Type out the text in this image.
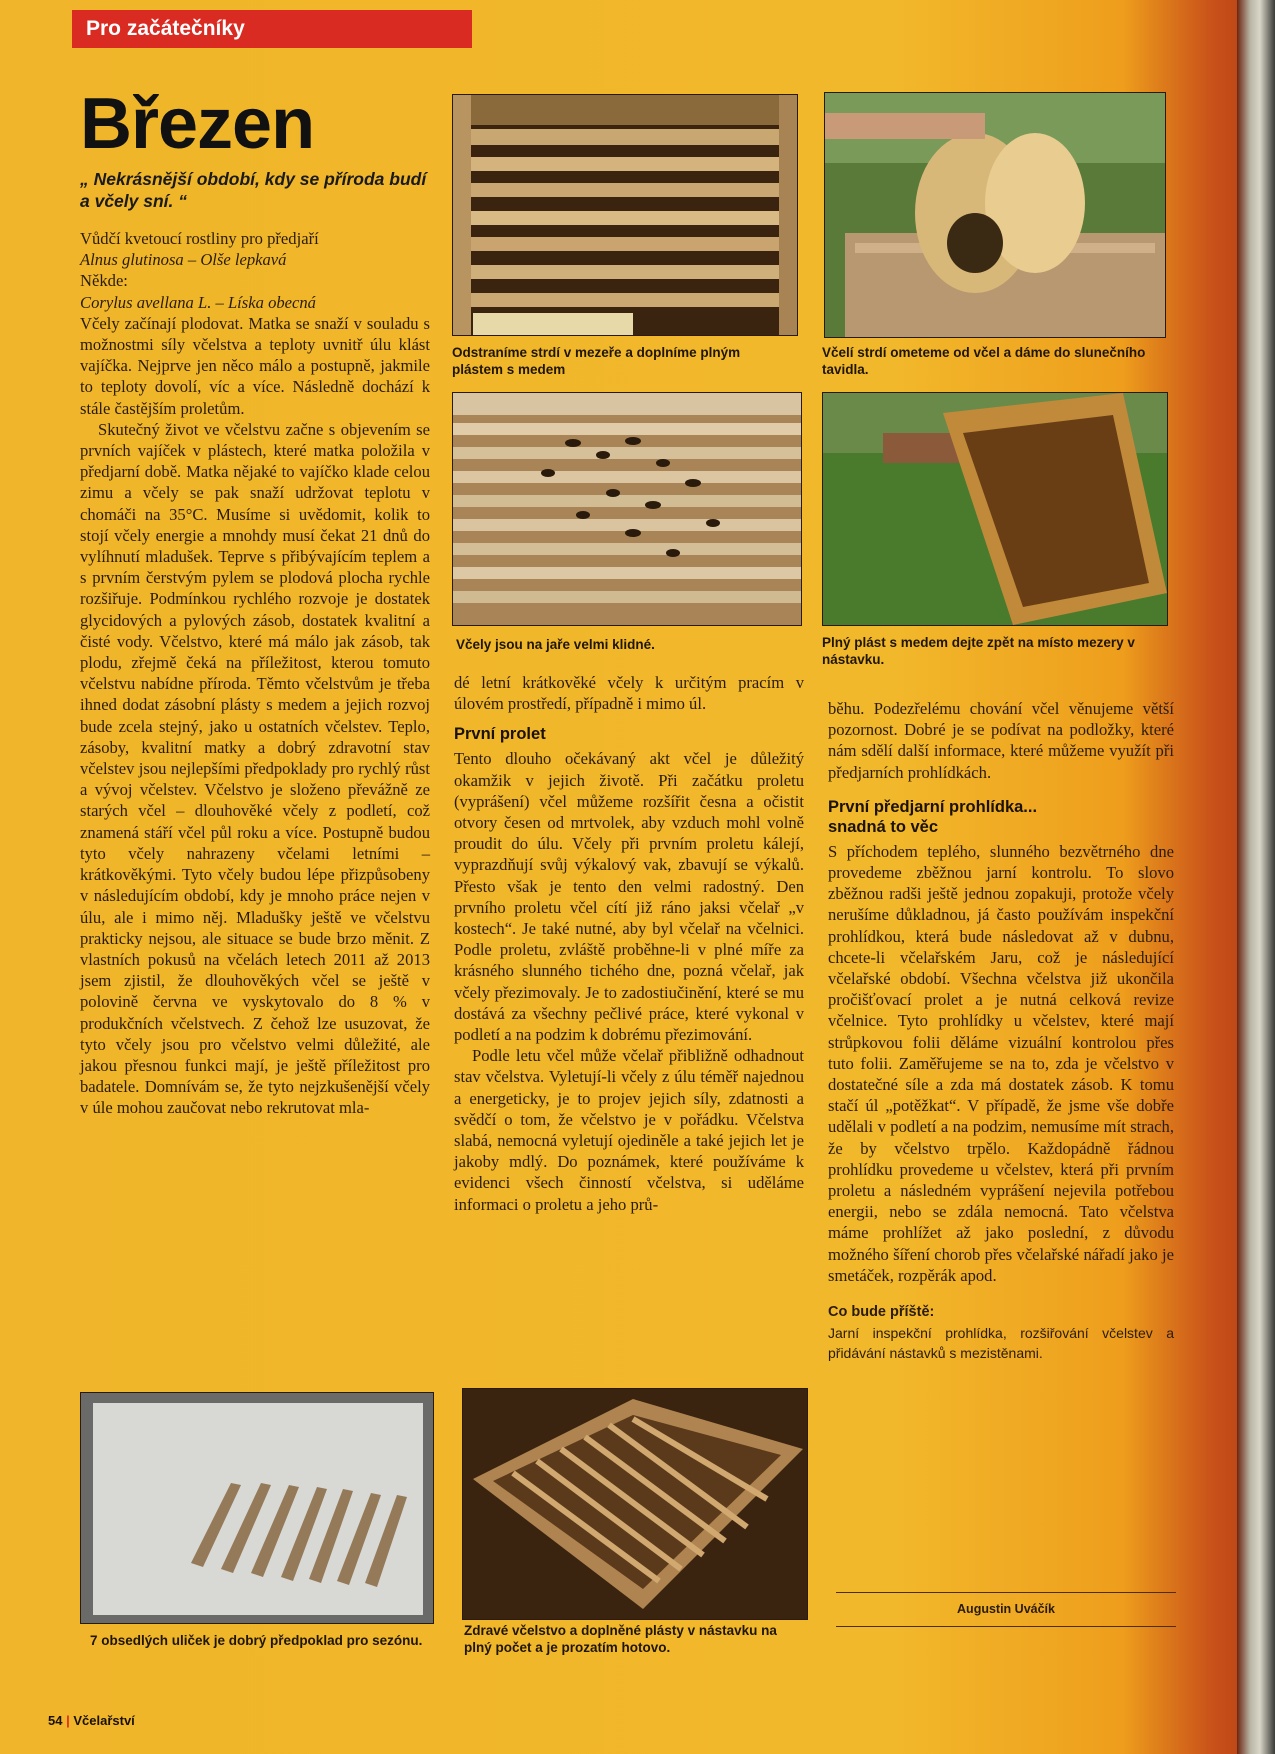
Pro začátečníky
Březen
„ Nekrásnější období, kdy se příroda budí a včely sní. “

Vůdčí kvetoucí rostliny pro předjaří

Alnus glutinosa – Olše lepkavá

Někde:

Corylus avellana L. – Líska obecná

Včely začínají plodovat. Matka se snaží v souladu s možnostmi síly včelstva a teploty uvnitř úlu klást vajíčka. Nejprve jen něco málo a postupně, jakmile to teploty dovolí, víc a více. Následně dochází k stále častějším proletům.

Skutečný život ve včelstvu začne s objevením se prvních vajíček v plástech, které matka položila v předjarní době. Matka nějaké to vajíčko klade celou zimu a včely se pak snaží udržovat teplotu v chomáči na 35°C. Musíme si uvědomit, kolik to stojí včely energie a mnohdy musí čekat 21 dnů do vylíhnutí mladušek. Teprve s přibývajícím teplem a s prvním čerstvým pylem se plodová plocha rychle rozšiřuje. Podmínkou rychlého rozvoje je dostatek glycidových a pylových zásob, dostatek kvalitní a čisté vody. Včelstvo, které má málo jak zásob, tak plodu, zřejmě čeká na příležitost, kterou tomuto včelstvu nabídne příroda. Těmto včelstvům je třeba ihned dodat zásobní plásty s medem a jejich rozvoj bude zcela stejný, jako u ostatních včelstev. Teplo, zásoby, kvalitní matky a dobrý zdravotní stav včelstev jsou nejlepšími předpoklady pro rychlý růst a vývoj včelstev. Včelstvo je složeno převážně ze starých včel – dlouhověké včely z podletí, což znamená stáří včel půl roku a více. Postupně budou tyto včely nahrazeny včelami letními – krátkověkými. Tyto včely budou lépe přizpůsobeny v následujícím období, kdy je mnoho práce nejen v úlu, ale i mimo něj. Mladušky ještě ve včelstvu prakticky nejsou, ale situace se bude brzo měnit. Z vlastních pokusů na včelách letech 2011 až 2013 jsem zjistil, že dlouhověkých včel se ještě v polovině června ve vyskytovalo do 8 % v produkčních včelstvech. Z čehož lze usuzovat, že tyto včely jsou pro včelstvo velmi důležité, ale jakou přesnou funkci mají, je ještě příležitost pro badatele. Domnívám se, že tyto nejzkušenější včely v úle mohou zaučovat nebo rekrutovat mla-

dé letní krátkověké včely k určitým pracím v úlovém prostředí, případně i mimo úl.

První prolet

Tento dlouho očekávaný akt včel je důležitý okamžik v jejich životě. Při začátku proletu (vyprášení) včel můžeme rozšířit česna a očistit otvory česen od mrtvolek, aby vzduch mohl volně proudit do úlu. Včely při prvním proletu kálejí, vyprazdňují svůj výkalový vak, zbavují se výkalů. Přesto však je tento den velmi radostný. Den prvního proletu včel cítí již ráno jaksi včelař „v kostech“. Je také nutné, aby byl včelař na včelnici. Podle proletu, zvláště proběhne-li v plné míře za krásného slunného tichého dne, pozná včelař, jak včely přezimovaly. Je to zadostiučinění, které se mu dostává za všechny pečlivé práce, které vykonal v podletí a na podzim k dobrému přezimování.

Podle letu včel může včelař přibližně odhadnout stav včelstva. Vyletují-li včely z úlu téměř najednou a energeticky, je to projev jejich síly, zdatnosti a svědčí o tom, že včelstvo je v pořádku. Včelstva slabá, nemocná vyletují ojediněle a také jejich let je jakoby mdlý. Do poznámek, které používáme k evidenci všech činností včelstva, si uděláme informaci o proletu a jeho prů-

běhu. Podezřelému chování včel věnujeme větší pozornost. Dobré je se podívat na podložky, které nám sdělí další informace, které můžeme využít při předjarních prohlídkách.

První předjarní prohlídka...
snadná to věc

S příchodem teplého, slunného bezvětrného dne provedeme zběžnou jarní kontrolu. To slovo zběžnou radši ještě jednou zopakuji, protože včely nerušíme důkladnou, já často používám inspekční prohlídkou, která bude následovat až v dubnu, chcete-li včelařském Jaru, což je následující včelařské období. Všechna včelstva již ukončila pročišťovací prolet a je nutná celková revize včelnice. Tyto prohlídky u včelstev, které mají strůpkovou folii děláme vizuální kontrolou přes tuto folii. Zaměřujeme se na to, zda je včelstvo v dostatečné síle a zda má dostatek zásob. K tomu stačí úl „potěžkat“. V případě, že jsme vše dobře udělali v podletí a na podzim, nemusíme mít strach, že by včelstvo trpělo. Každopádně řádnou prohlídku provedeme u včelstev, která při prvním proletu a následném vyprášení nejevila potřebou energii, nebo se zdála nemocná. Tato včelstva máme prohlížet až jako poslední, z důvodu možného šíření chorob přes včelařské nářadí jako je smetáček, rozpěrák apod.

Co bude příště:

Jarní inspekční prohlídka, rozšiřování včelstev a přidávání nástavků s mezistěnami.

Odstraníme strdí v mezeře a doplníme plným plástem s medem
Včely jsou na jaře velmi klidné.
Včelí strdí ometeme od včel a dáme do slunečního tavidla.
Plný plást s medem dejte zpět na místo mezery v nástavku.
7 obsedlých uliček je dobrý předpoklad pro sezónu.
Zdravé včelstvo a doplněné plásty v nástavku na plný počet a je prozatím hotovo.
Augustin Uváčík
54 | Včelařství
